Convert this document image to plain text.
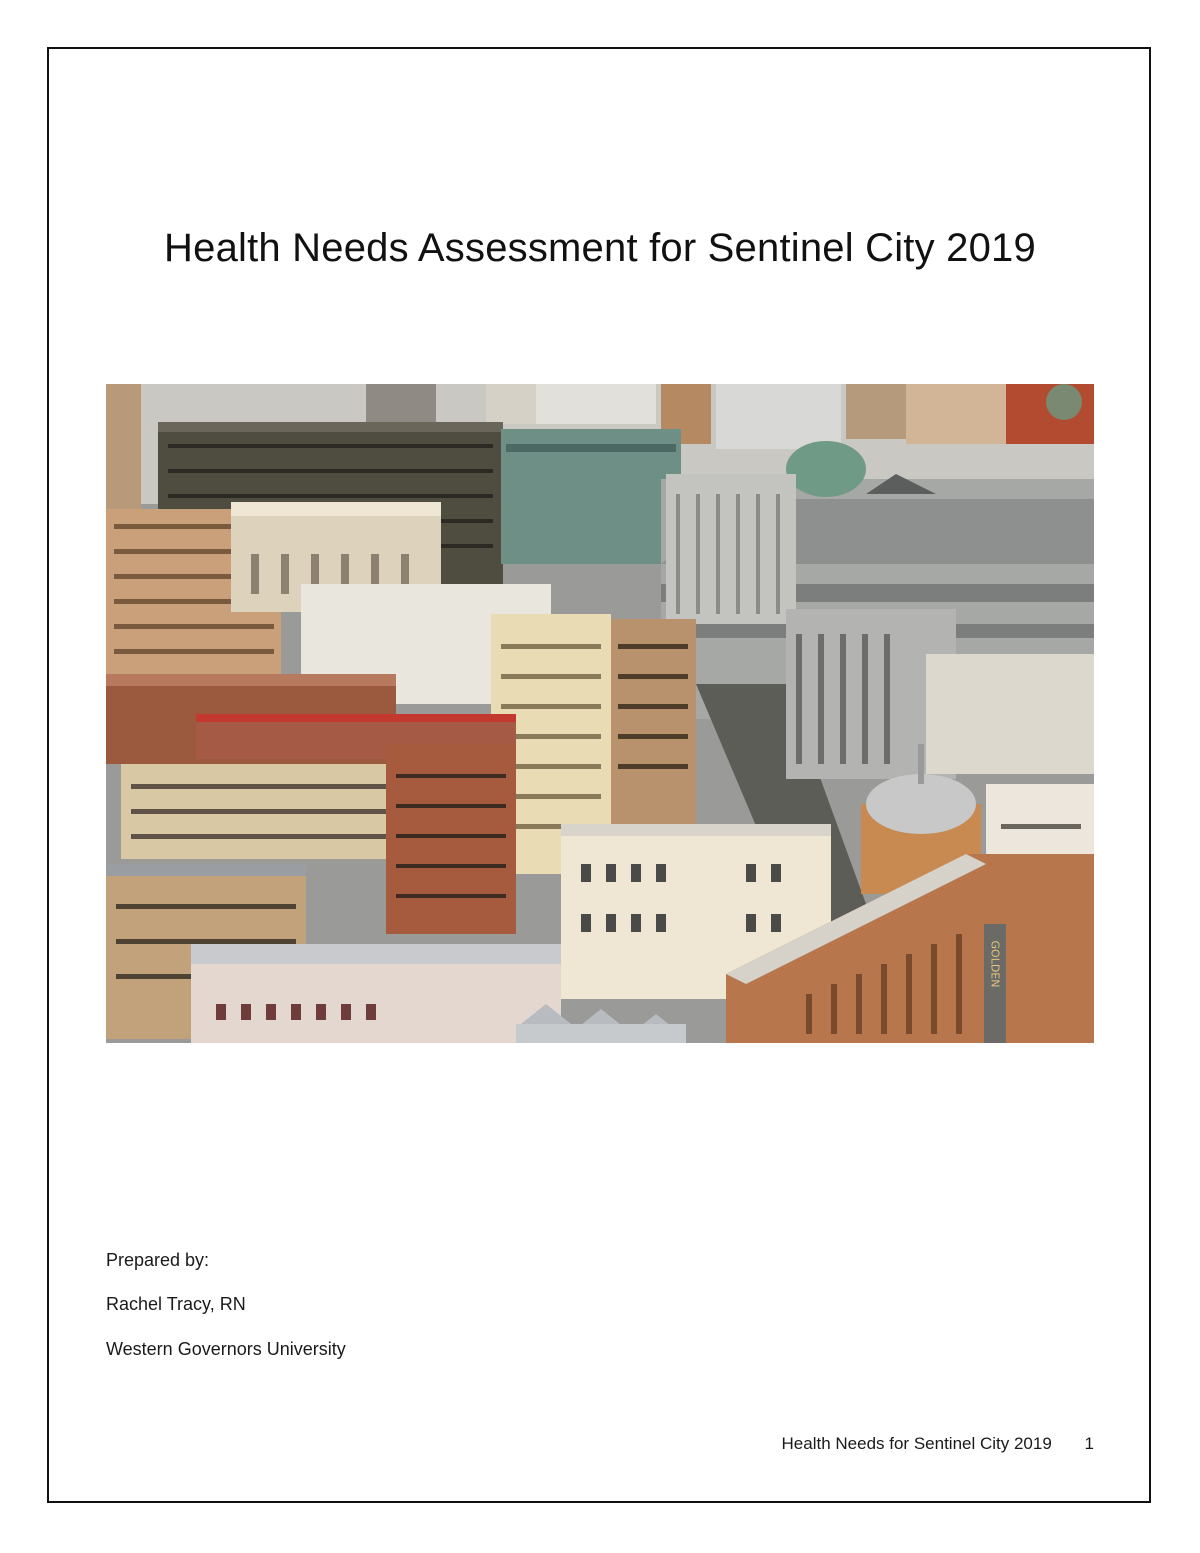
Health Needs Assessment for Sentinel City 2019
GOLDEN

Prepared by:

Rachel Tracy, RN

Western Governors University

Health Needs for Sentinel City 2019 1
